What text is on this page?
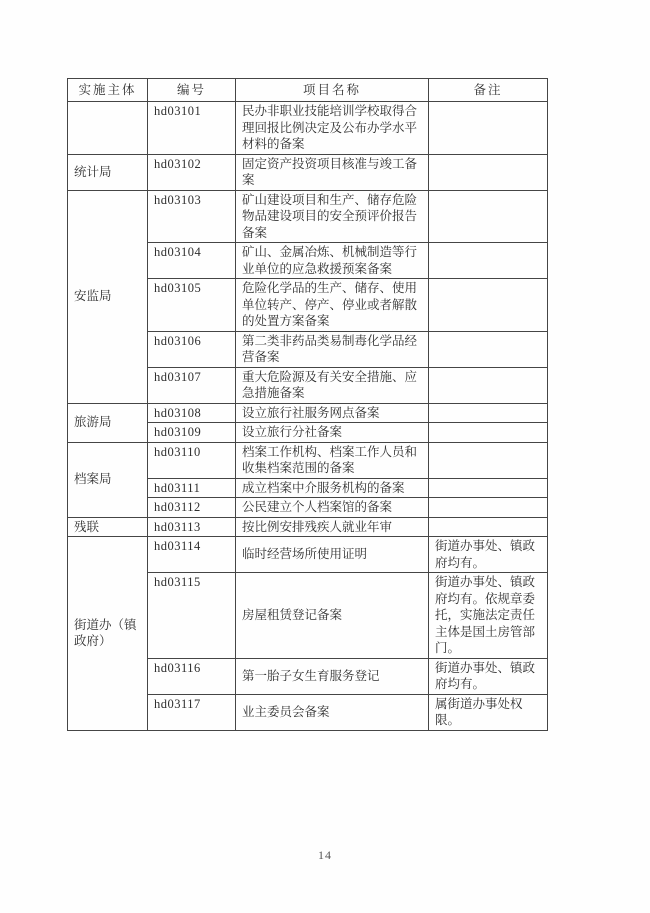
实施主体	编号	项目名称	备注
	hd03101	民办非职业技能培训学校取得合理回报比例决定及公布办学水平材料的备案	
统计局	hd03102	固定资产投资项目核准与竣工备案	
安监局	hd03103	矿山建设项目和生产、储存危险物品建设项目的安全预评价报告备案	
	hd03104	矿山、金属冶炼、机械制造等行业单位的应急救援预案备案	
	hd03105	危险化学品的生产、储存、使用单位转产、停产、停业或者解散的处置方案备案	
	hd03106	第二类非药品类易制毒化学品经营备案	
	hd03107	重大危险源及有关安全措施、应急措施备案	
旅游局	hd03108	设立旅行社服务网点备案	
	hd03109	设立旅行分社备案	
档案局	hd03110	档案工作机构、档案工作人员和收集档案范围的备案	
	hd03111	成立档案中介服务机构的备案	
	hd03112	公民建立个人档案馆的备案	
残联	hd03113	按比例安排残疾人就业年审	
街道办（镇政府）	hd03114	临时经营场所使用证明	街道办事处、镇政府均有。
	hd03115	房屋租赁登记备案	街道办事处、镇政府均有。依规章委托，实施法定责任主体是国土房管部门。
	hd03116	第一胎子女生育服务登记	街道办事处、镇政府均有。
	hd03117	业主委员会备案	属街道办事处权限。
14
